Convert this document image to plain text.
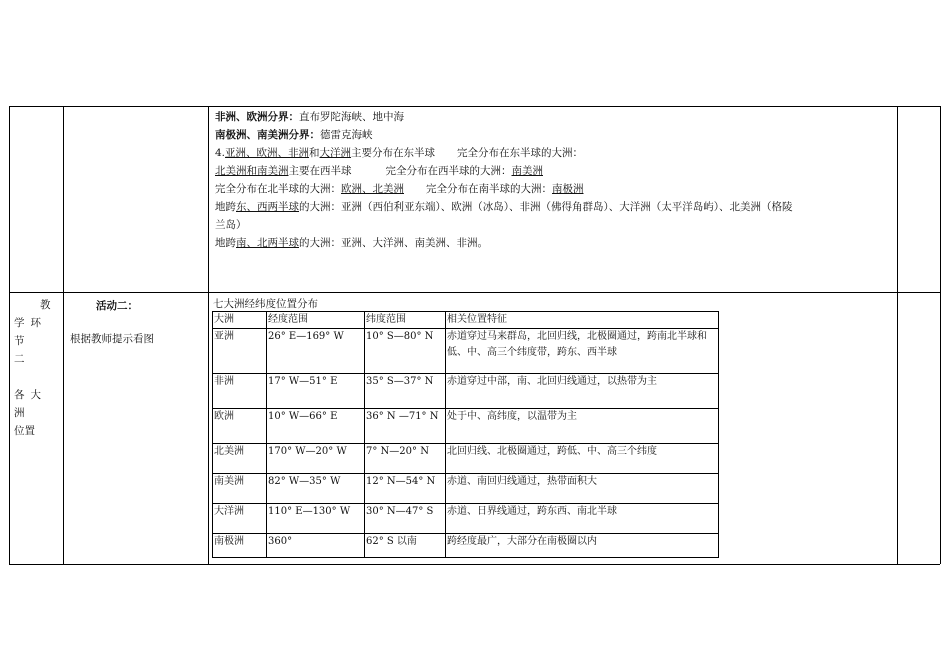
非洲、欧洲分界：直布罗陀海峡、地中海
南极洲、南美洲分界：德雷克海峡
4.亚洲、欧洲、非洲和大洋洲主要分布在东半球 完全分布在东半球的大洲：
北美洲和南美洲主要在西半球	完全分布在西半球的大洲：南美洲
完全分布在北半球的大洲：欧洲、北美洲 完全分布在南半球的大洲：南极洲
地跨东、西两半球的大洲：亚洲（西伯利亚东端）、欧洲（冰岛）、非洲（佛得角群岛）、大洋洲（太平洋岛屿）、北美洲（格陵
兰岛）
地跨南、北两半球的大洲：亚洲、大洋洲、南美洲、非洲。
教
学环节
二
各大洲
位置
活动二：
根据教师提示看图
七大洲经纬度位置分布
大洲	经度范围	纬度范围	相关位置特征
亚洲	26° E—169° W	10° S—80° N	赤道穿过马来群岛，北回归线，北极圈通过，跨南北半球和低、中、高三个纬度带，跨东、西半球
非洲	17° W—51° E	35° S—37° N	赤道穿过中部，南、北回归线通过，以热带为主
欧洲	10° W—66° E	36° N —71° N	处于中、高纬度，以温带为主
北美洲	170° W—20° W	7° N—20° N	北回归线、北极圈通过，跨低、中、高三个纬度
南美洲	82° W—35° W	12° N—54° N	赤道、南回归线通过，热带面积大
大洋洲	110° E—130° W	30° N—47° S	赤道、日界线通过，跨东西、南北半球
南极洲	360°	62° S 以南	跨经度最广，大部分在南极圈以内
